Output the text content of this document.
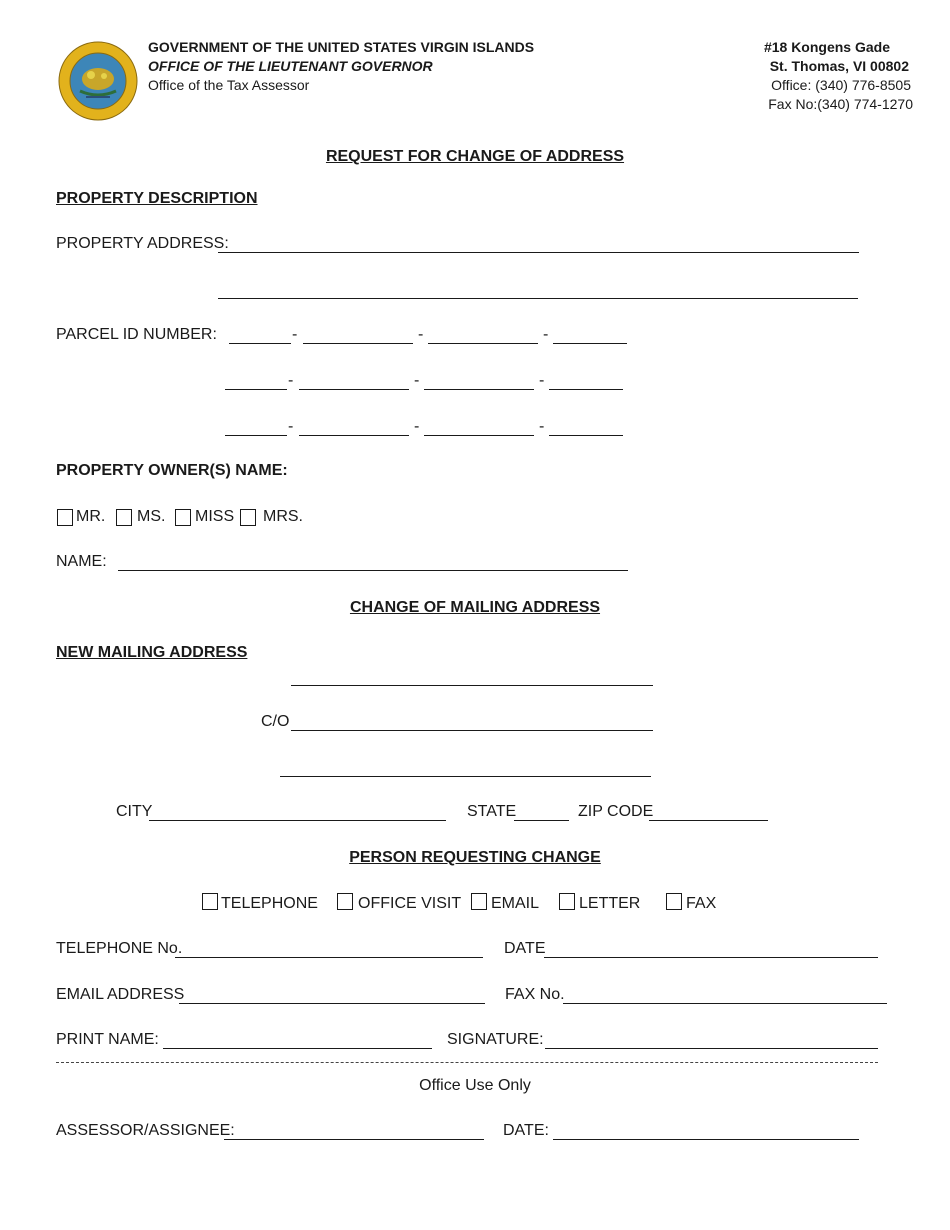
GOVERNMENT OF THE UNITED STATES VIRGIN ISLANDS
OFFICE OF THE LIEUTENANT GOVERNOR
Office of the Tax Assessor
#18 Kongens Gade
St. Thomas, VI 00802
Office: (340) 776-8505
Fax No:(340) 774-1270
REQUEST FOR CHANGE OF ADDRESS
PROPERTY DESCRIPTION
PROPERTY ADDRESS:
PARCEL ID NUMBER:	-	-	-
-	-	-
-	-	-
PROPERTY OWNER(S) NAME:
MR. MS. MISS MRS.
NAME:
CHANGE OF MAILING ADDRESS
NEW MAILING ADDRESS
C/O
CITY	STATE	ZIP CODE
PERSON REQUESTING CHANGE
TELEPHONE	OFFICE VISIT EMAIL LETTER	FAX
TELEPHONE No.	DATE
EMAIL ADDRESS	FAX No.
PRINT NAME:	SIGNATURE:
Office Use Only
ASSESSOR/ASSIGNEE:	DATE:
